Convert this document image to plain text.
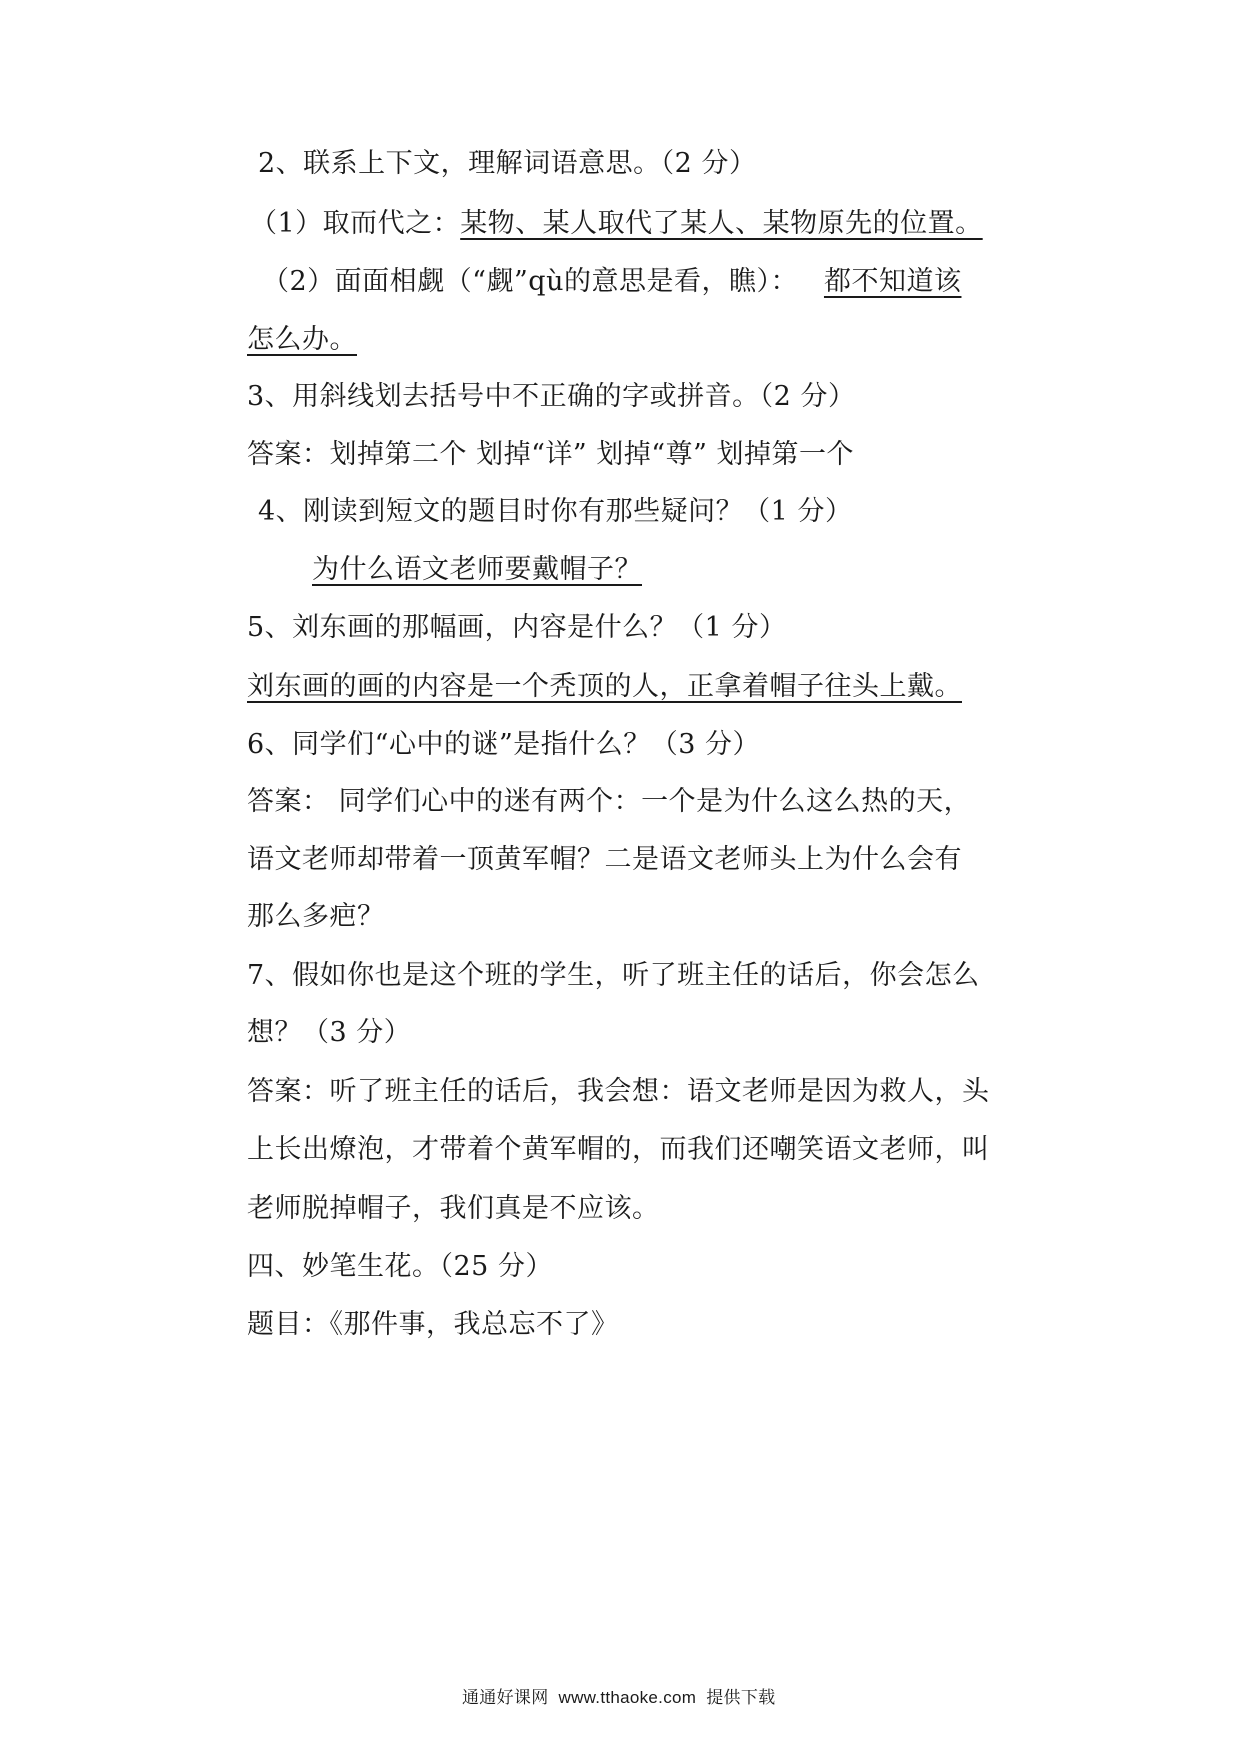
2、联系上下文，理解词语意思。（2 分）
（1）取而代之：某物、某人取代了某人、某物原先的位置。
（2）面面相觑（“觑”qù的意思是看，瞧）： 都不知道该
怎么办。
3、用斜线划去括号中不正确的字或拼音。（2 分）
答案：划掉第二个 划掉“详” 划掉“尊” 划掉第一个
4、刚读到短文的题目时你有那些疑问？（1 分）
为什么语文老师要戴帽子？
5、刘东画的那幅画，内容是什么？（1 分）
刘东画的画的内容是一个秃顶的人，正拿着帽子往头上戴。
6、同学们“心中的谜”是指什么？（3 分）
答案： 同学们心中的迷有两个：一个是为什么这么热的天，
语文老师却带着一顶黄军帽？二是语文老师头上为什么会有
那么多疤？
7、假如你也是这个班的学生，听了班主任的话后，你会怎么
想？（3 分）
答案：听了班主任的话后，我会想：语文老师是因为救人，头
上长出燎泡，才带着个黄军帽的，而我们还嘲笑语文老师，叫
老师脱掉帽子，我们真是不应该。
四、妙笔生花。（25 分）
题目：《那件事，我总忘不了》
通通好课网 www.tthaoke.com 提供下载
